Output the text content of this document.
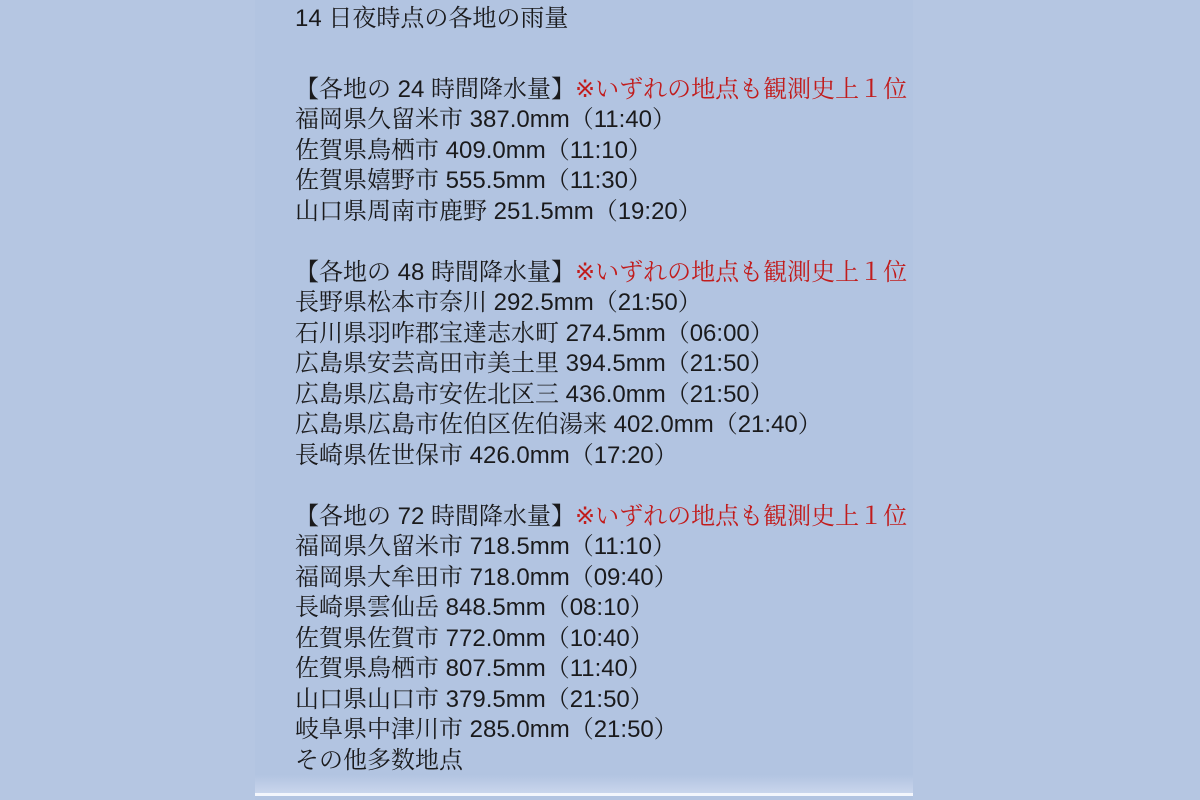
14 日夜時点の各地の雨量
【各地の 24 時間降水量】※いずれの地点も観測史上１位
福岡県久留米市 387.0mm（11:40）
佐賀県鳥栖市 409.0mm（11:10）
佐賀県嬉野市 555.5mm（11:30）
山口県周南市鹿野 251.5mm（19:20）
【各地の 48 時間降水量】※いずれの地点も観測史上１位
長野県松本市奈川 292.5mm（21:50）
石川県羽咋郡宝達志水町 274.5mm（06:00）
広島県安芸高田市美土里 394.5mm（21:50）
広島県広島市安佐北区三 436.0mm（21:50）
広島県広島市佐伯区佐伯湯来 402.0mm（21:40）
長崎県佐世保市 426.0mm（17:20）
【各地の 72 時間降水量】※いずれの地点も観測史上１位
福岡県久留米市 718.5mm（11:10）
福岡県大牟田市 718.0mm（09:40）
長崎県雲仙岳 848.5mm（08:10）
佐賀県佐賀市 772.0mm（10:40）
佐賀県鳥栖市 807.5mm（11:40）
山口県山口市 379.5mm（21:50）
岐阜県中津川市 285.0mm（21:50）
その他多数地点
